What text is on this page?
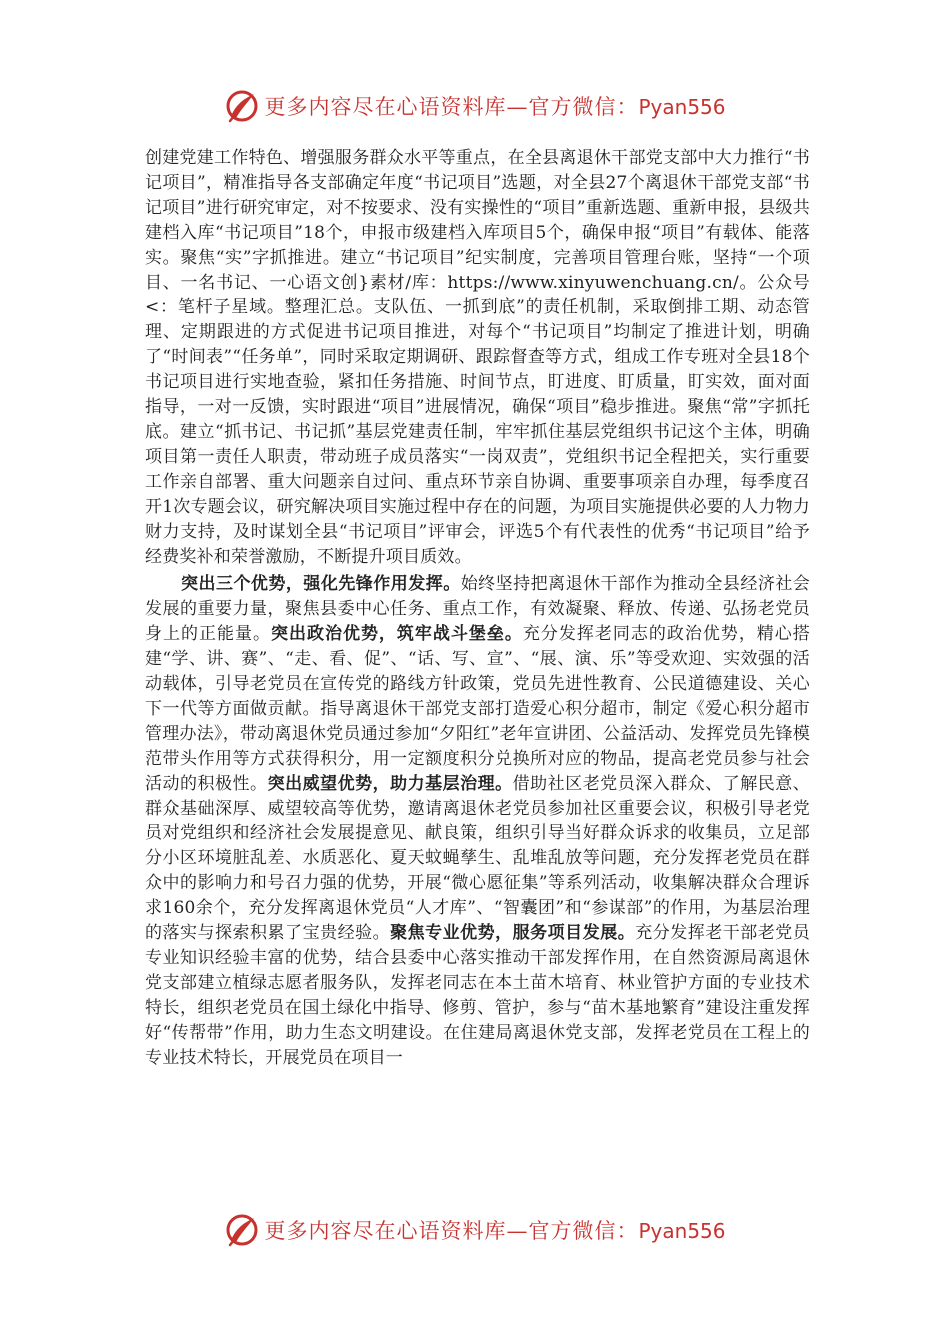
更多内容尽在心语资料库—官方微信：Pyan556

创建党建工作特色、增强服务群众水平等重点，在全县离退休干部党支部中大力推行“书记项目”，精准指导各支部确定年度“书记项目”选题，对全县27个离退休干部党支部“书记项目”进行研究审定，对不按要求、没有实操性的“项目”重新选题、重新申报，县级共建档入库“书记项目”18个，申报市级建档入库项目5个，确保申报“项目”有载体、能落实。聚焦“实”字抓推进。建立“书记项目”纪实制度，完善项目管理台账，坚持“一个项目、一名书记、一心语文创}素材/库：https://www.xinyuwenchuang.cn/。公众号<：笔杆子星域。整理汇总。支队伍、一抓到底”的责任机制，采取倒排工期、动态管理、定期跟进的方式促进书记项目推进，对每个“书记项目”均制定了推进计划，明确了“时间表”“任务单”，同时采取定期调研、跟踪督查等方式，组成工作专班对全县18个书记项目进行实地查验，紧扣任务措施、时间节点，盯进度、盯质量，盯实效，面对面指导，一对一反馈，实时跟进“项目”进展情况，确保“项目”稳步推进。聚焦“常”字抓托底。建立“抓书记、书记抓”基层党建责任制，牢牢抓住基层党组织书记这个主体，明确项目第一责任人职责，带动班子成员落实“一岗双责”，党组织书记全程把关，实行重要工作亲自部署、重大问题亲自过问、重点环节亲自协调、重要事项亲自办理，每季度召开1次专题会议，研究解决项目实施过程中存在的问题，为项目实施提供必要的人力物力财力支持，及时谋划全县“书记项目”评审会，评选5个有代表性的优秀“书记项目”给予经费奖补和荣誉激励，不断提升项目质效。

突出三个优势，强化先锋作用发挥。始终坚持把离退休干部作为推动全县经济社会发展的重要力量，聚焦县委中心任务、重点工作，有效凝聚、释放、传递、弘扬老党员身上的正能量。突出政治优势，筑牢战斗堡垒。充分发挥老同志的政治优势，精心搭建“学、讲、赛”、“走、看、促”、“话、写、宣”、“展、演、乐”等受欢迎、实效强的活动载体，引导老党员在宣传党的路线方针政策，党员先进性教育、公民道德建设、关心下一代等方面做贡献。指导离退休干部党支部打造爱心积分超市，制定《爱心积分超市管理办法》，带动离退休党员通过参加“夕阳红”老年宣讲团、公益活动、发挥党员先锋模范带头作用等方式获得积分，用一定额度积分兑换所对应的物品，提高老党员参与社会活动的积极性。突出威望优势，助力基层治理。借助社区老党员深入群众、了解民意、群众基础深厚、威望较高等优势，邀请离退休老党员参加社区重要会议，积极引导老党员对党组织和经济社会发展提意见、献良策，组织引导当好群众诉求的收集员，立足部分小区环境脏乱差、水质恶化、夏天蚊蝇孳生、乱堆乱放等问题，充分发挥老党员在群众中的影响力和号召力强的优势，开展“微心愿征集”等系列活动，收集解决群众合理诉求160余个，充分发挥离退休党员“人才库”、“智囊团”和“参谋部”的作用，为基层治理的落实与探索积累了宝贵经验。聚焦专业优势，服务项目发展。充分发挥老干部老党员专业知识经验丰富的优势，结合县委中心落实推动干部发挥作用，在自然资源局离退休党支部建立植绿志愿者服务队，发挥老同志在本土苗木培育、林业管护方面的专业技术特长，组织老党员在国土绿化中指导、修剪、管护，参与“苗木基地繁育”建设注重发挥好“传帮带”作用，助力生态文明建设。在住建局离退休党支部，发挥老党员在工程上的专业技术特长，开展党员在项目一

更多内容尽在心语资料库—官方微信：Pyan556
